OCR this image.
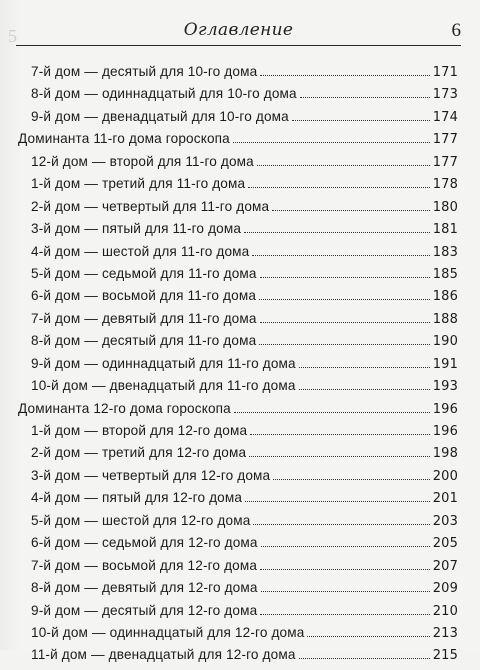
5	Оглавление	6
7-й дом — десятый для 10-го дома	171
8-й дом — одиннадцатый для 10-го дома	173
9-й дом — двенадцатый для 10-го дома	174
Доминанта 11-го дома гороскопа	177
12-й дом — второй для 11-го дома	177
1-й дом — третий для 11-го дома	178
2-й дом — четвертый для 11-го дома	180
3-й дом — пятый для 11-го дома	181
4-й дом — шестой для 11-го дома	183
5-й дом — седьмой для 11-го дома	185
6-й дом — восьмой для 11-го дома	186
7-й дом — девятый для 11-го дома	188
8-й дом — десятый для 11-го дома	190
9-й дом — одиннадцатый для 11-го дома	191
10-й дом — двенадцатый для 11-го дома	193
Доминанта 12-го дома гороскопа	196
1-й дом — второй для 12-го дома	196
2-й дом — третий для 12-го дома	198
3-й дом — четвертый для 12-го дома	200
4-й дом — пятый для 12-го дома	201
5-й дом — шестой для 12-го дома	203
6-й дом — седьмой для 12-го дома	205
7-й дом — восьмой для 12-го дома	207
8-й дом — девятый для 12-го дома	209
9-й дом — десятый для 12-го дома	210
10-й дом — одиннадцатый для 12-го дома	213
11-й дом — двенадцатый для 12-го дома	215
